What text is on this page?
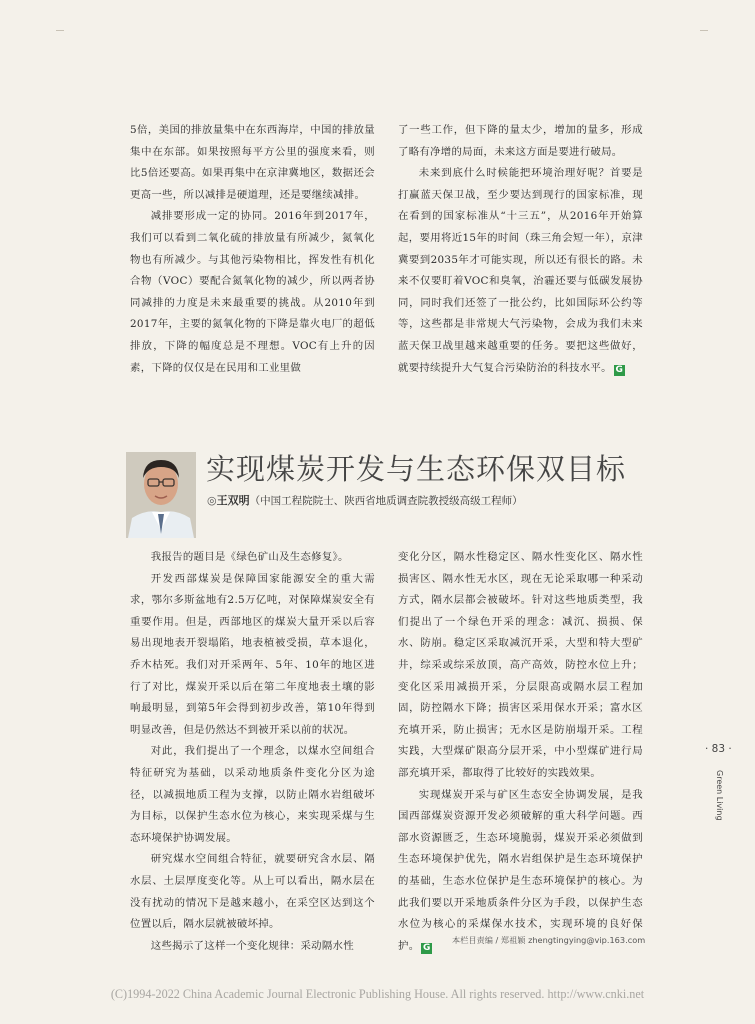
5倍，美国的排放量集中在东西海岸，中国的排放量集中在东部。如果按照每平方公里的强度来看，则比5倍还要高。如果再集中在京津冀地区，数据还会更高一些，所以减排是硬道理，还是要继续减排。

减排要形成一定的协同。2016年到2017年，我们可以看到二氧化硫的排放量有所减少，氮氧化物也有所减少。与其他污染物相比，挥发性有机化合物（VOC）要配合氮氧化物的减少，所以两者协同减排的力度是未来最重要的挑战。从2010年到2017年，主要的氮氧化物的下降是靠火电厂的超低排放，下降的幅度总是不理想。VOC有上升的因素，下降的仅仅是在民用和工业里做

了一些工作，但下降的量太少，增加的量多，形成了略有净增的局面，未来这方面是要进行破局。

未来到底什么时候能把环境治理好呢？首要是打赢蓝天保卫战，至少要达到现行的国家标准，现在看到的国家标准从“十三五”，从2016年开始算起，要用将近15年的时间（珠三角会短一年），京津冀要到2035年才可能实现，所以还有很长的路。未来不仅要盯着VOC和臭氧，治霾还要与低碳发展协同，同时我们还签了一批公约，比如国际环公约等等，这些都是非常规大气污染物，会成为我们未来蓝天保卫战里越来越重要的任务。要把这些做好，就要持续提升大气复合污染防治的科技水平。 G

实现煤炭开发与生态环保双目标
◎王双明（中国工程院院士、陕西省地质调查院教授级高级工程师）

我报告的题目是《绿色矿山及生态修复》。

开发西部煤炭是保障国家能源安全的重大需求，鄂尔多斯盆地有2.5万亿吨，对保障煤炭安全有重要作用。但是，西部地区的煤炭大量开采以后容易出现地表开裂塌陷，地表植被受损，草本退化，乔木枯死。我们对开采两年、5年、10年的地区进行了对比，煤炭开采以后在第二年度地表土壤的影响最明显，到第5年会得到初步改善，第10年得到明显改善，但是仍然达不到被开采以前的状况。

对此，我们提出了一个理念，以煤水空间组合特征研究为基础，以采动地质条件变化分区为途径，以减损地质工程为支撑，以防止隔水岩组破坏为目标，以保护生态水位为核心，来实现采煤与生态环境保护协调发展。

研究煤水空间组合特征，就要研究含水层、隔水层、土层厚度变化等。从上可以看出，隔水层在没有扰动的情况下是越来越小，在采空区达到这个位置以后，隔水层就被破坏掉。

这些揭示了这样一个变化规律：采动隔水性

变化分区，隔水性稳定区、隔水性变化区、隔水性损害区、隔水性无水区，现在无论采取哪一种采动方式，隔水层都会被破坏。针对这些地质类型，我们提出了一个绿色开采的理念：减沉、损损、保水、防崩。稳定区采取减沉开采，大型和特大型矿井，综采或综采放顶，高产高效，防控水位上升；变化区采用减损开采，分层限高或隔水层工程加固，防控隔水下降；损害区采用保水开采；富水区充填开采，防止损害；无水区是防崩塌开采。工程实践，大型煤矿限高分层开采，中小型煤矿进行局部充填开采，都取得了比较好的实践效果。

实现煤炭开采与矿区生态安全协调发展，是我国西部煤炭资源开发必须破解的重大科学问题。西部水资源匮乏，生态环境脆弱，煤炭开采必须做到生态环境保护优先，隔水岩组保护是生态环境保护的基础，生态水位保护是生态环境保护的核心。为此我们要以开采地质条件分区为手段，以保护生态水位为核心的采煤保水技术，实现环境的良好保护。 G

本栏目责编 / 郑祖颖 zhengtingying@vip.163.com
· 83 ·
Green Living
(C)1994-2022 China Academic Journal Electronic Publishing House. All rights reserved. http://www.cnki.net
